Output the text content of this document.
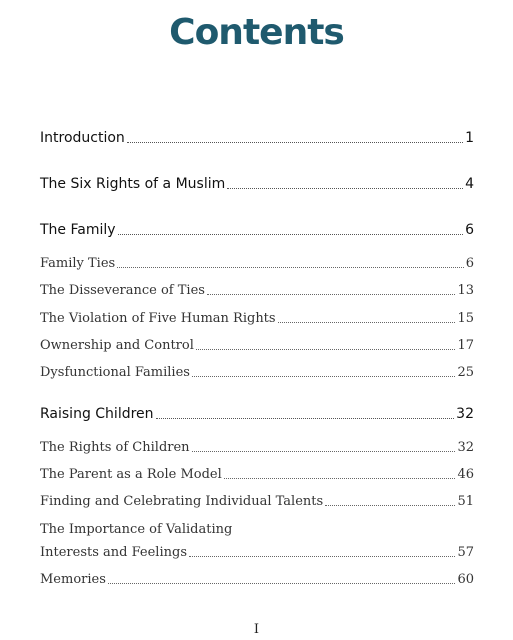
Contents
Introduction	1
The Six Rights of a Muslim	4
The Family	6
Family Ties	6
The Disseverance of Ties	13
The Violation of Five Human Rights	15
Ownership and Control	17
Dysfunctional Families	25
Raising Children	32
The Rights of Children	32
The Parent as a Role Model	46
Finding and Celebrating Individual Talents	51
The Importance of Validating
Interests and Feelings	57
Memories	60
I
